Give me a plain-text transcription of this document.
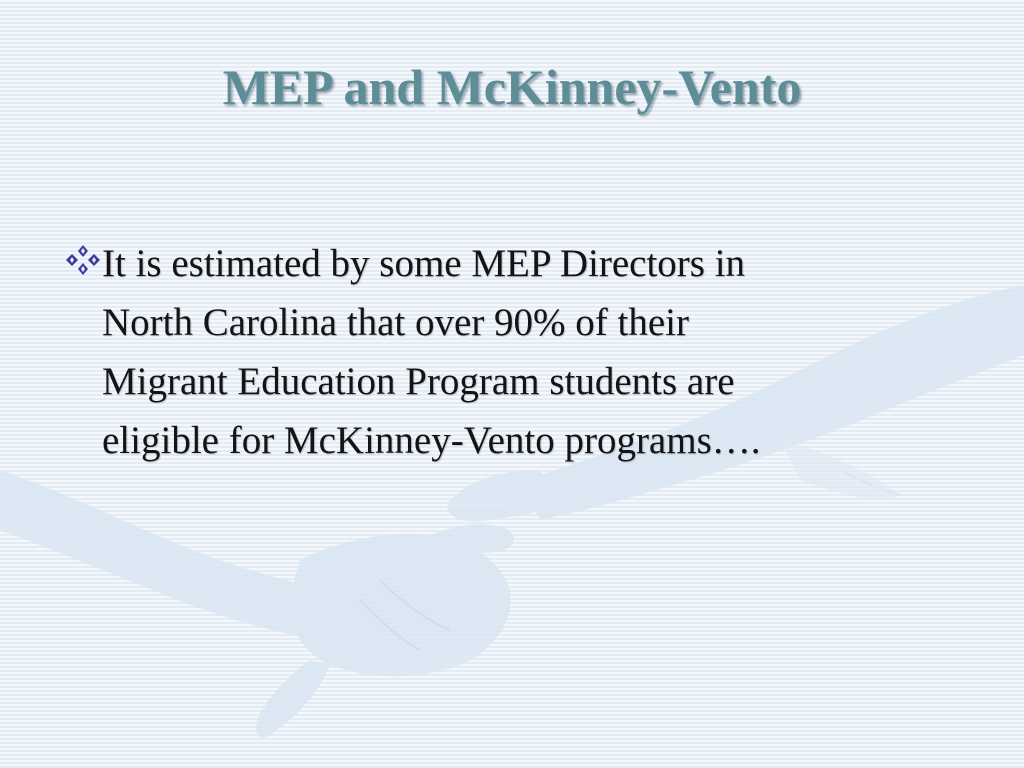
MEP and McKinney-Vento
It is estimated by some MEP Directors in
North Carolina that over 90% of their
Migrant Education Program students are
eligible for McKinney-Vento programs….
